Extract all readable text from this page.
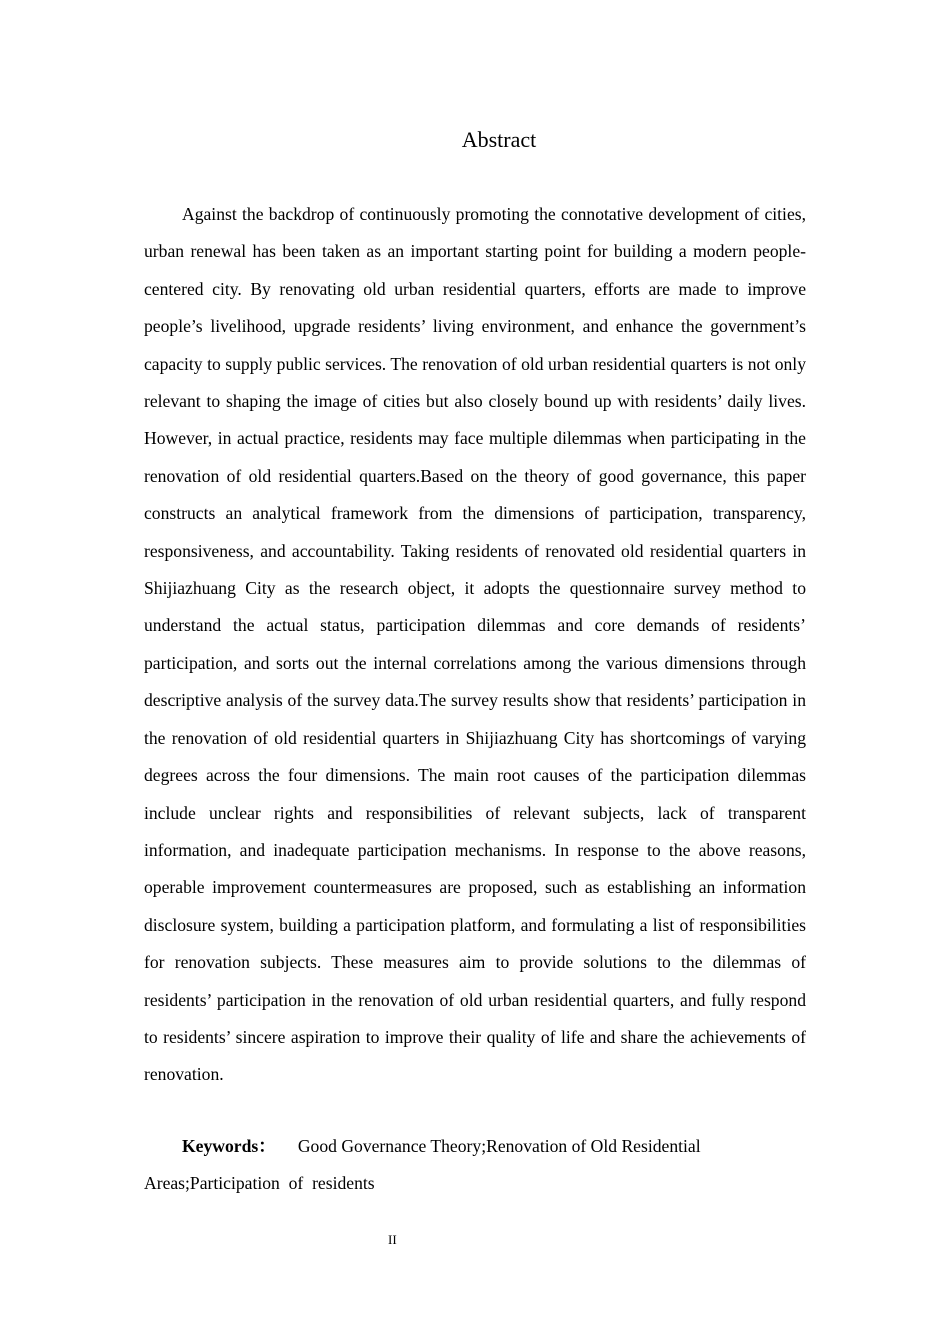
Abstract

Against the backdrop of continuously promoting the connotative development of cities, urban renewal has been taken as an important starting point for building a modern people-centered city. By renovating old urban residential quarters, efforts are made to improve people’s livelihood, upgrade residents’ living environment, and enhance the government’s capacity to supply public services. The renovation of old urban residential quarters is not only relevant to shaping the image of cities but also closely bound up with residents’ daily lives. However, in actual practice, residents may face multiple dilemmas when participating in the renovation of old residential quarters.Based on the theory of good governance, this paper constructs an analytical framework from the dimensions of participation, transparency, responsiveness, and accountability. Taking residents of renovated old residential quarters in Shijiazhuang City as the research object, it adopts the questionnaire survey method to understand the actual status, participation dilemmas and core demands of residents’ participation, and sorts out the internal correlations among the various dimensions through descriptive analysis of the survey data.The survey results show that residents’ participation in the renovation of old residential quarters in Shijiazhuang City has shortcomings of varying degrees across the four dimensions. The main root causes of the participation dilemmas include unclear rights and responsibilities of relevant subjects, lack of transparent information, and inadequate participation mechanisms. In response to the above reasons, operable improvement countermeasures are proposed, such as establishing an information disclosure system, building a participation platform, and formulating a list of responsibilities for renovation subjects. These measures aim to provide solutions to the dilemmas of residents’ participation in the renovation of old urban residential quarters, and fully respond to residents’ sincere aspiration to improve their quality of life and share the achievements of renovation.

Keywords： Good Governance Theory;Renovation of Old Residential Areas;Participation  of  residents

II
